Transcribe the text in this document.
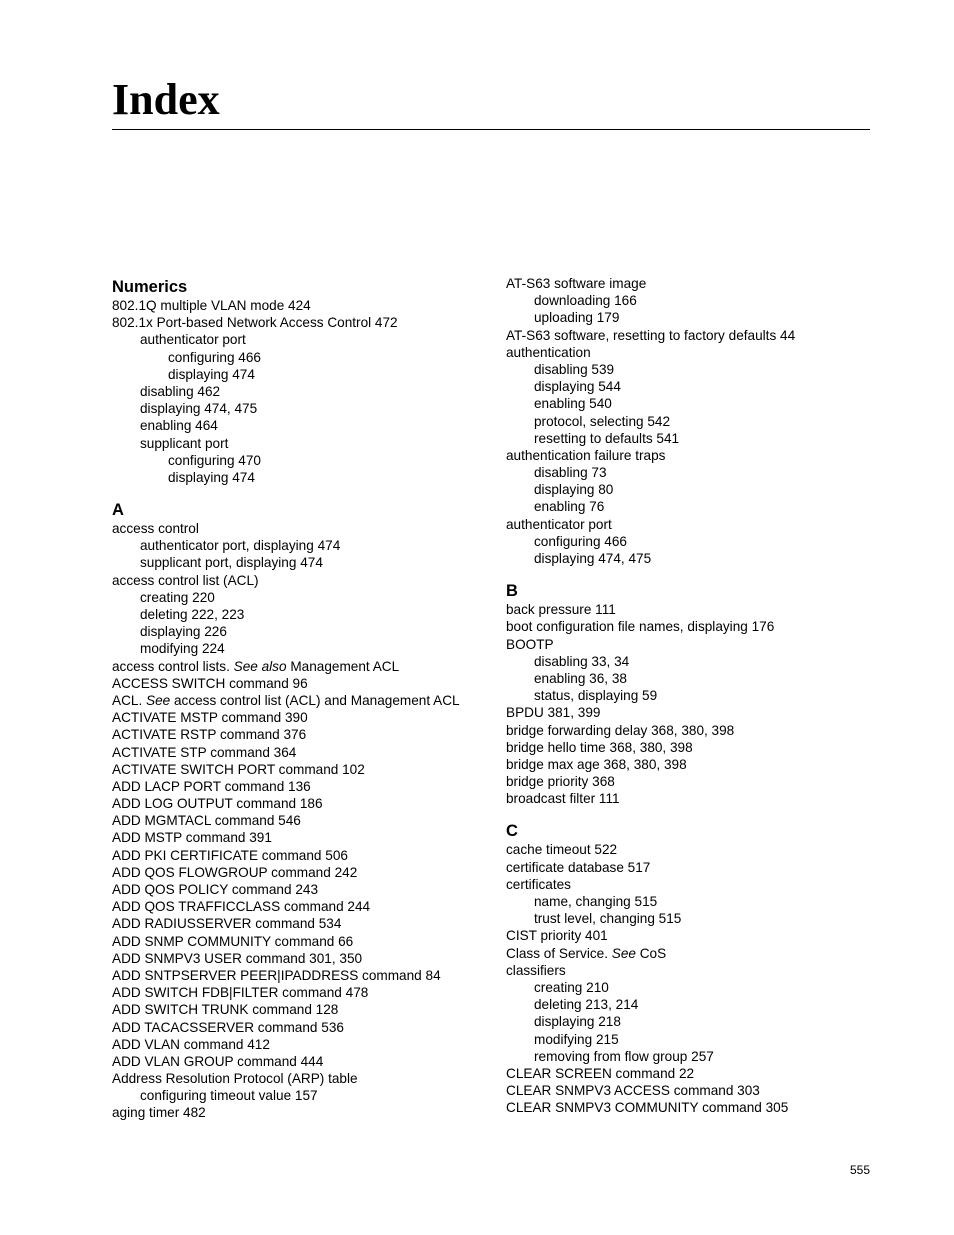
Index
Numerics
802.1Q multiple VLAN mode 424
802.1x Port-based Network Access Control 472
authenticator port
configuring 466
displaying 474
disabling 462
displaying 474, 475
enabling 464
supplicant port
configuring 470
displaying 474
A
access control
authenticator port, displaying 474
supplicant port, displaying 474
access control list (ACL)
creating 220
deleting 222, 223
displaying 226
modifying 224
access control lists. See also Management ACL
ACCESS SWITCH command 96
ACL. See access control list (ACL) and Management ACL
ACTIVATE MSTP command 390
ACTIVATE RSTP command 376
ACTIVATE STP command 364
ACTIVATE SWITCH PORT command 102
ADD LACP PORT command 136
ADD LOG OUTPUT command 186
ADD MGMTACL command 546
ADD MSTP command 391
ADD PKI CERTIFICATE command 506
ADD QOS FLOWGROUP command 242
ADD QOS POLICY command 243
ADD QOS TRAFFICCLASS command 244
ADD RADIUSSERVER command 534
ADD SNMP COMMUNITY command 66
ADD SNMPV3 USER command 301, 350
ADD SNTPSERVER PEER|IPADDRESS command 84
ADD SWITCH FDB|FILTER command 478
ADD SWITCH TRUNK command 128
ADD TACACSSERVER command 536
ADD VLAN command 412
ADD VLAN GROUP command 444
Address Resolution Protocol (ARP) table
configuring timeout value 157
aging timer 482
AT-S63 software image
downloading 166
uploading 179
AT-S63 software, resetting to factory defaults 44
authentication
disabling 539
displaying 544
enabling 540
protocol, selecting 542
resetting to defaults 541
authentication failure traps
disabling 73
displaying 80
enabling 76
authenticator port
configuring 466
displaying 474, 475
B
back pressure 111
boot configuration file names, displaying 176
BOOTP
disabling 33, 34
enabling 36, 38
status, displaying 59
BPDU 381, 399
bridge forwarding delay 368, 380, 398
bridge hello time 368, 380, 398
bridge max age 368, 380, 398
bridge priority 368
broadcast filter 111
C
cache timeout 522
certificate database 517
certificates
name, changing 515
trust level, changing 515
CIST priority 401
Class of Service. See CoS
classifiers
creating 210
deleting 213, 214
displaying 218
modifying 215
removing from flow group 257
CLEAR SCREEN command 22
CLEAR SNMPV3 ACCESS command 303
CLEAR SNMPV3 COMMUNITY command 305
555
